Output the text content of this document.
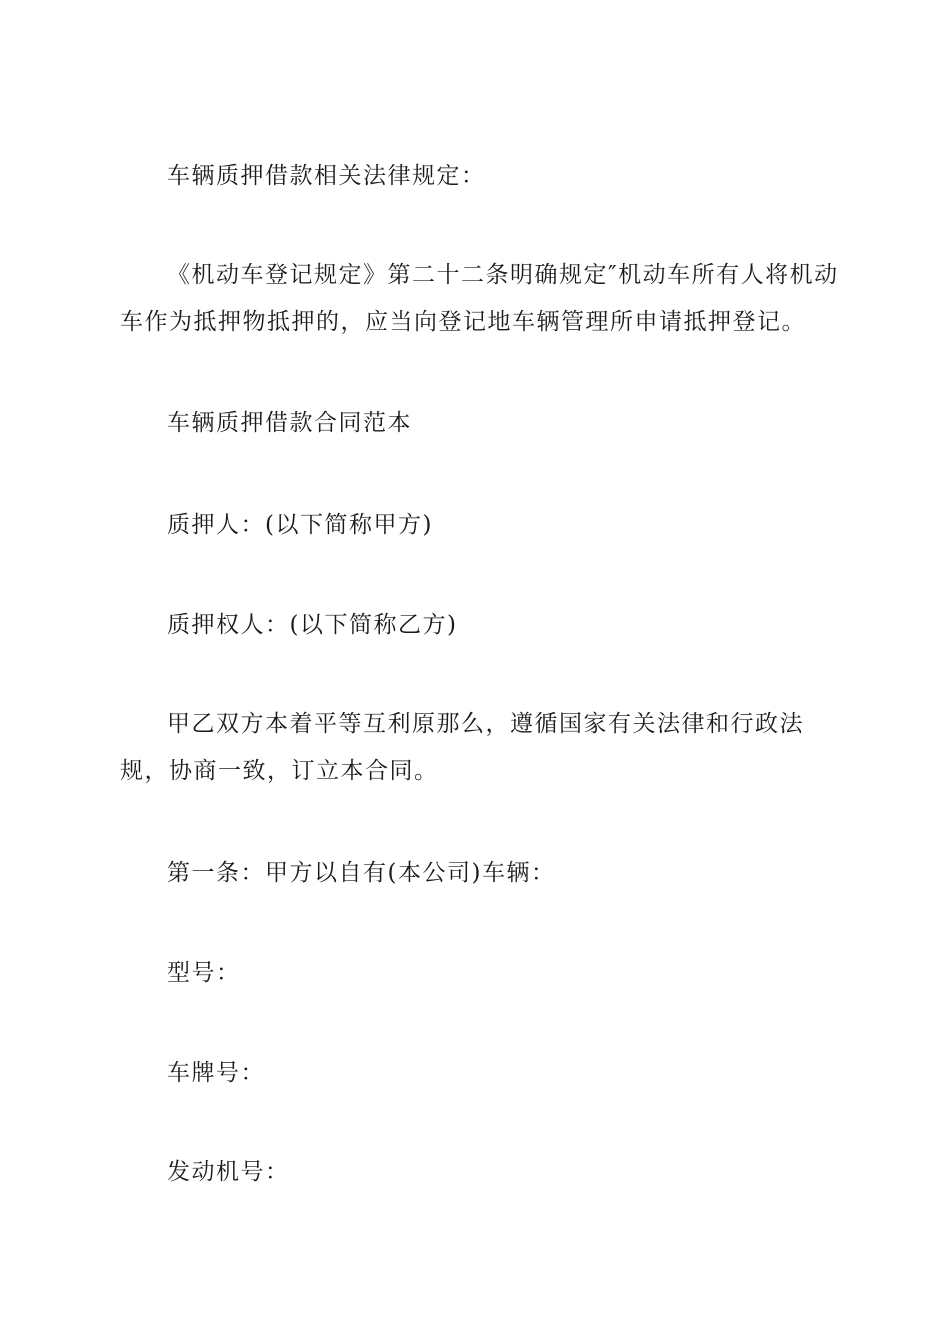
车辆质押借款相关法律规定：

《机动车登记规定》第二十二条明确规定″机动车所有人将机动车作为抵押物抵押的，应当向登记地车辆管理所申请抵押登记。

车辆质押借款合同范本

质押人：(以下简称甲方)

质押权人：(以下简称乙方)

甲乙双方本着平等互利原那么，遵循国家有关法律和行政法规，协商一致，订立本合同。

第一条：甲方以自有(本公司)车辆：

型号：

车牌号：

发动机号：
